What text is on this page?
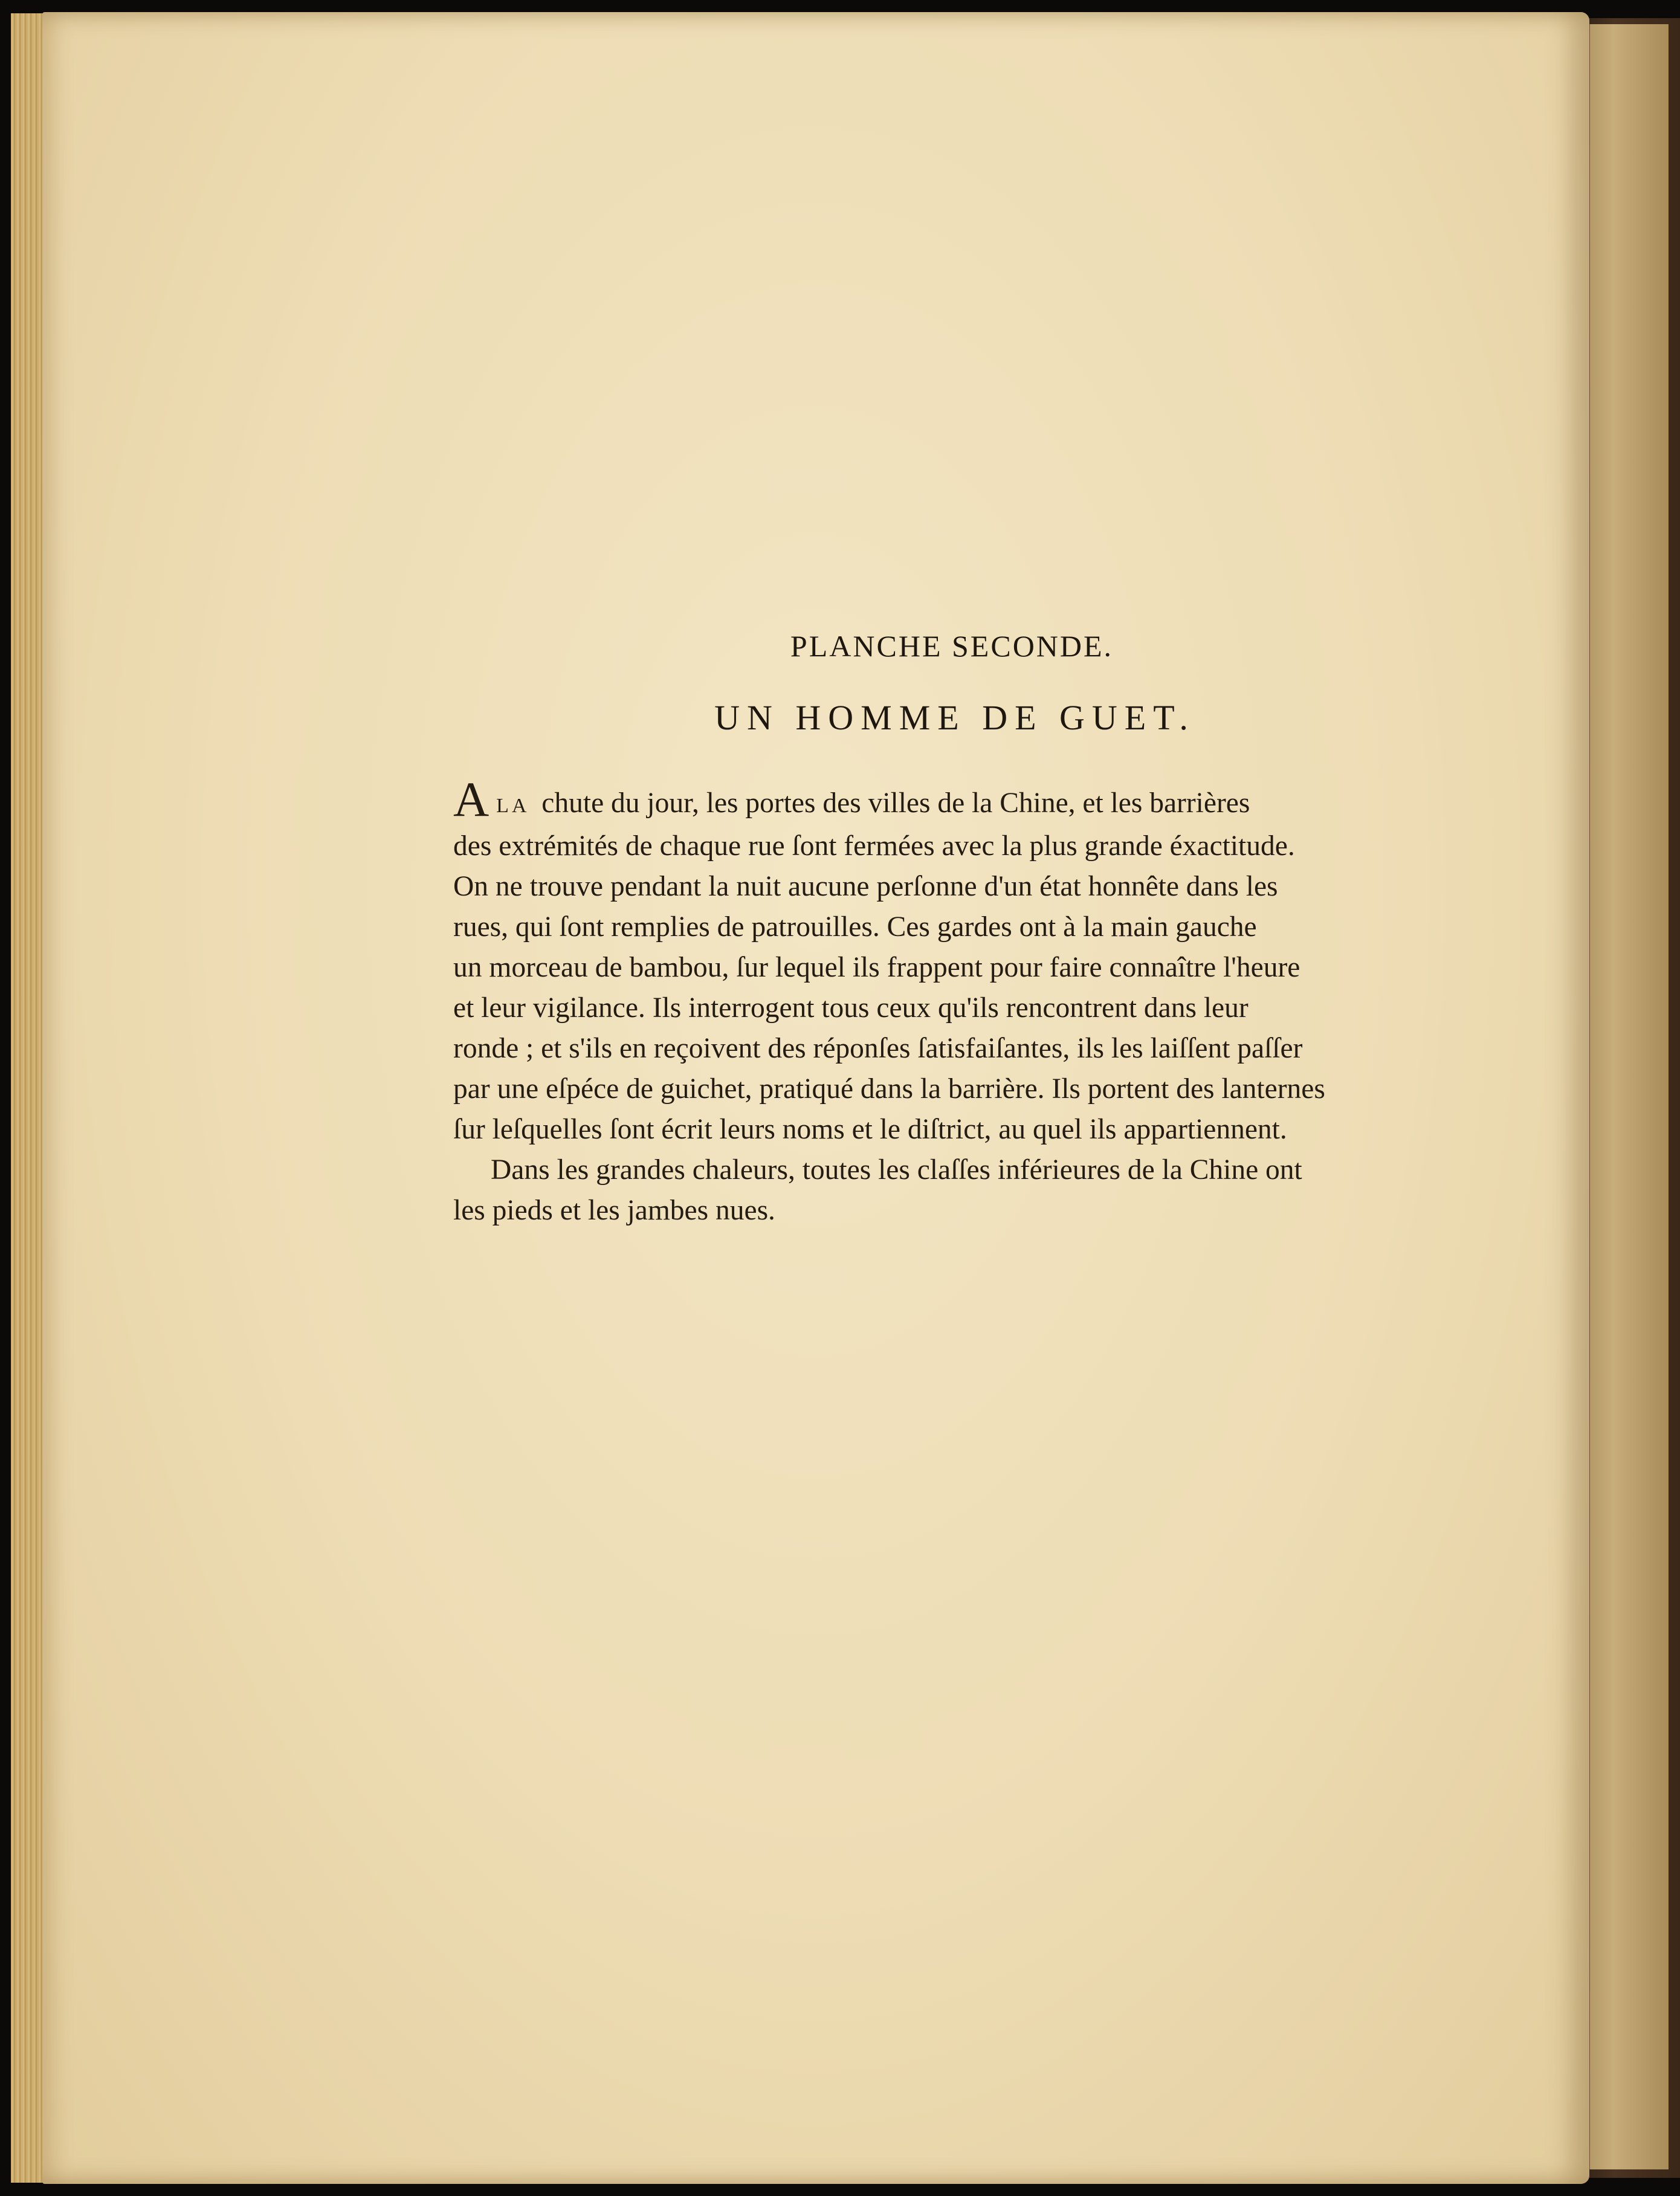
PLANCHE SECONDE.
UN HOMME DE GUET.
A LA chute du jour, les portes des villes de la Chine, et les barrières
des extrémités de chaque rue ſont fermées avec la plus grande éxactitude.
On ne trouve pendant la nuit aucune perſonne d'un état honnête dans les
rues, qui ſont remplies de patrouilles. Ces gardes ont à la main gauche
un morceau de bambou, ſur lequel ils frappent pour faire connaître l'heure
et leur vigilance. Ils interrogent tous ceux qu'ils rencontrent dans leur
ronde ; et s'ils en reçoivent des réponſes ſatisfaiſantes, ils les laiſſent paſſer
par une eſpéce de guichet, pratiqué dans la barrière. Ils portent des lanternes
ſur leſquelles ſont écrit leurs noms et le diſtrict, au quel ils appartiennent.
Dans les grandes chaleurs, toutes les claſſes inférieures de la Chine ont
les pieds et les jambes nues.
